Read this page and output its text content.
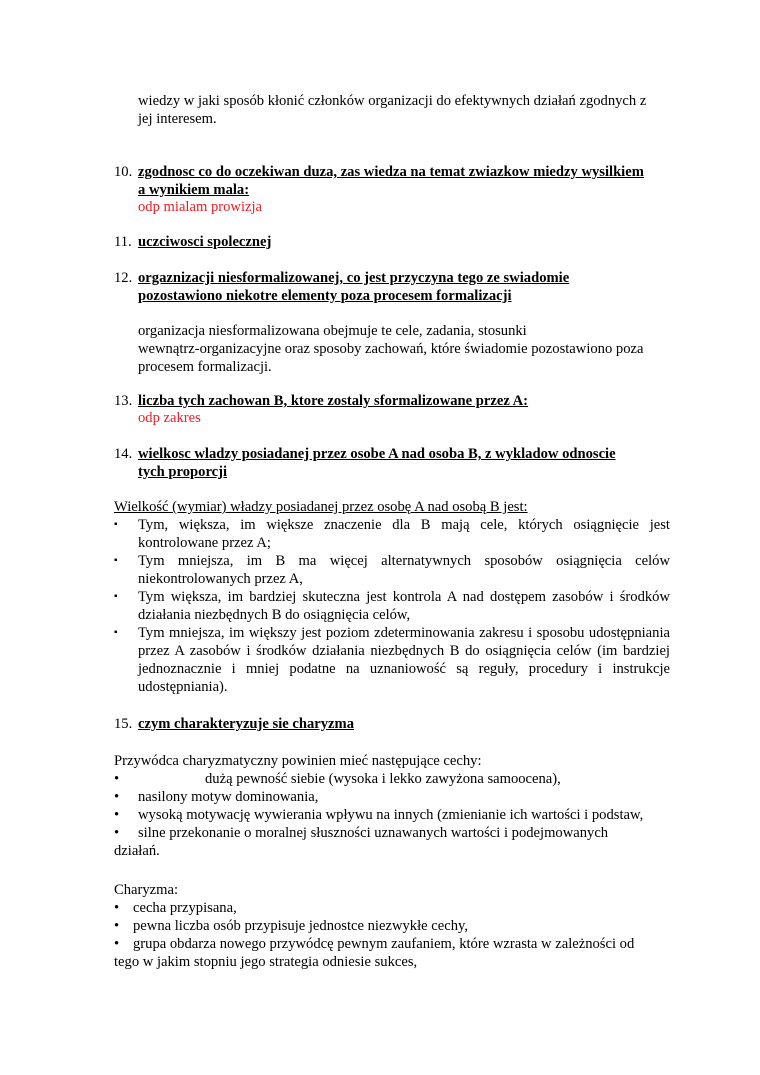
wiedzy w jaki sposób kłonić członków organizacji do efektywnych działań zgodnych z
jej interesem.
10. zgodnosc co do oczekiwan duza, zas wiedza na temat zwiazkow miedzy wysilkiem
a wynikiem mala:
odp mialam prowizja
11. uczciwosci spolecznej
12. orgaznizacji niesformalizowanej, co jest przyczyna tego ze swiadomie
pozostawiono niekotre elementy poza procesem formalizacji
organizacja niesformalizowana obejmuje te cele, zadania, stosunki
wewnątrz-organizacyjne oraz sposoby zachowań, które świadomie pozostawiono poza
procesem formalizacji.
13. liczba tych zachowan B, ktore zostaly sformalizowane przez A:
odp zakres
14. wielkosc wladzy posiadanej przez osobe A nad osoba B, z wykladow odnoscie
tych proporcji
Wielkość (wymiar) władzy posiadanej przez osobę A nad osobą B jest:
▪ Tym, większa, im większe znaczenie dla B mają cele, których osiągnięcie jest kontrolowane przez A;
▪ Tym mniejsza, im B ma więcej alternatywnych sposobów osiągnięcia celów niekontrolowanych przez A,
▪ Tym większa, im bardziej skuteczna jest kontrola A nad dostępem zasobów i środków działania niezbędnych B do osiągnięcia celów,
▪ Tym mniejsza, im większy jest poziom zdeterminowania zakresu i sposobu udostępniania przez A zasobów i środków działania niezbędnych B do osiągnięcia celów (im bardziej jednoznacznie i mniej podatne na uznaniowość są reguły, procedury i instrukcje udostępniania).
15. czym charakteryzuje sie charyzma
Przywódca charyzmatyczny powinien mieć następujące cechy:
•	dużą pewność siebie (wysoka i lekko zawyżona samoocena),
• nasilony motyw dominowania,
• wysoką motywację wywierania wpływu na innych (zmienianie ich wartości i podstaw,
• silne przekonanie o moralnej słuszności uznawanych wartości i podejmowanych
działań.
Charyzma:
• cecha przypisana,
• pewna liczba osób przypisuje jednostce niezwykłe cechy,
• grupa obdarza nowego przywódcę pewnym zaufaniem, które wzrasta w zależności od
tego w jakim stopniu jego strategia odniesie sukces,
